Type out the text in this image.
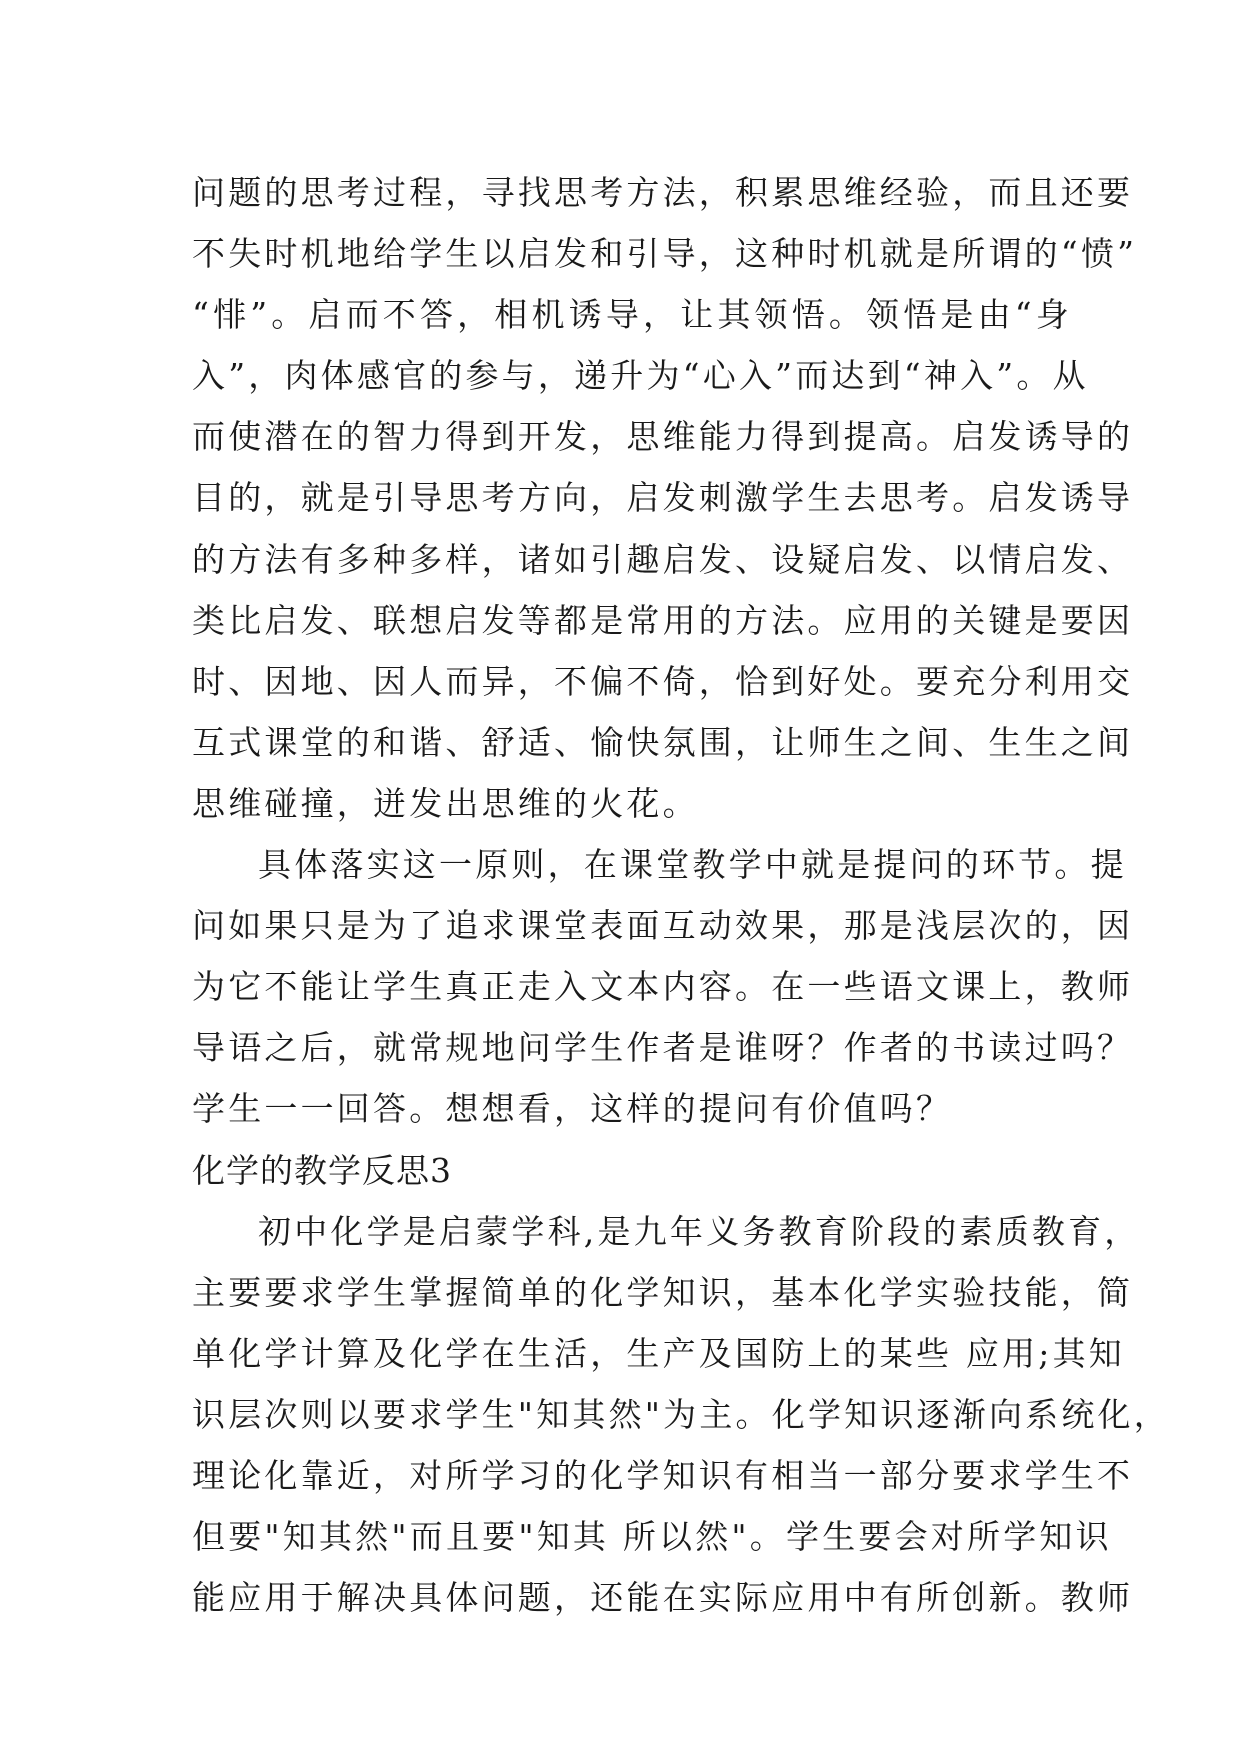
问题的思考过程，寻找思考方法，积累思维经验，而且还要
不失时机地给学生以启发和引导，这种时机就是所谓的“愤”
“悱”。启而不答，相机诱导，让其领悟。领悟是由“身
入”，肉体感官的参与，递升为“心入”而达到“神入”。从
而使潜在的智力得到开发，思维能力得到提高。启发诱导的
目的，就是引导思考方向，启发刺激学生去思考。启发诱导
的方法有多种多样，诸如引趣启发、设疑启发、以情启发、
类比启发、联想启发等都是常用的方法。应用的关键是要因
时、因地、因人而异，不偏不倚，恰到好处。要充分利用交
互式课堂的和谐、舒适、愉快氛围，让师生之间、生生之间
思维碰撞，迸发出思维的火花。
具体落实这一原则，在课堂教学中就是提问的环节。提
问如果只是为了追求课堂表面互动效果，那是浅层次的，因
为它不能让学生真正走入文本内容。在一些语文课上，教师
导语之后，就常规地问学生作者是谁呀？作者的书读过吗？
学生一一回答。想想看，这样的提问有价值吗？
化学的教学反思3
初中化学是启蒙学科,是九年义务教育阶段的素质教育，
主要要求学生掌握简单的化学知识，基本化学实验技能，简
单化学计算及化学在生活，生产及国防上的某些 应用;其知
识层次则以要求学生"知其然"为主。化学知识逐渐向系统化，
理论化靠近，对所学习的化学知识有相当一部分要求学生不
但要"知其然"而且要"知其 所以然"。学生要会对所学知识
能应用于解决具体问题，还能在实际应用中有所创新。教师
